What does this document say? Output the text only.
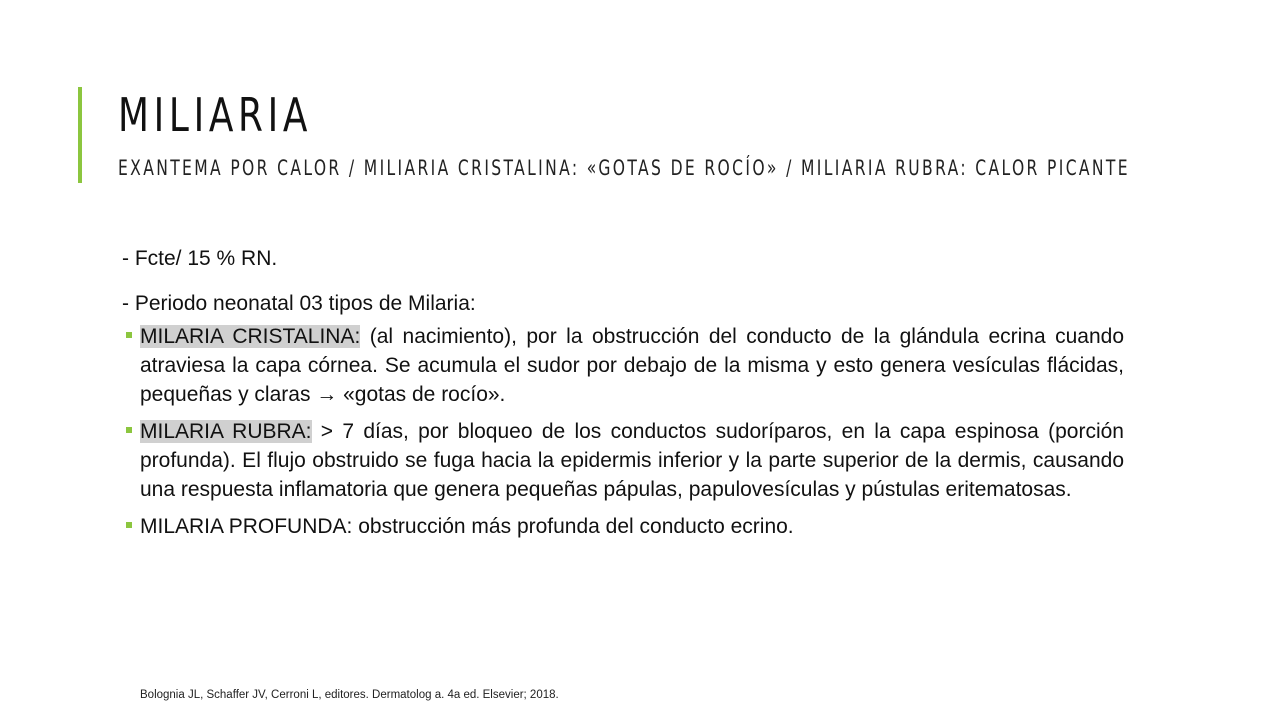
MILIARIA
EXANTEMA POR CALOR / MILIARIA CRISTALINA: «GOTAS DE ROCÍO» / MILIARIA RUBRA: CALOR PICANTE

- Fcte/ 15 % RN.

- Periodo neonatal 03 tipos de Milaria:

MILARIA CRISTALINA: (al nacimiento), por la obstrucción del conducto de la glándula ecrina cuando atraviesa la capa córnea. Se acumula el sudor por debajo de la misma y esto genera vesículas flácidas, pequeñas y claras → «gotas de rocío».
MILARIA RUBRA: > 7 días, por bloqueo de los conductos sudoríparos, en la capa espinosa (porción profunda). El flujo obstruido se fuga hacia la epidermis inferior y la parte superior de la dermis, causando una respuesta inflamatoria que genera pequeñas pápulas, papulovesículas y pústulas eritematosas.
MILARIA PROFUNDA: obstrucción más profunda del conducto ecrino.
Bolognia JL, Schaffer JV, Cerroni L, editores. Dermatolog a. 4a ed. Elsevier; 2018.
